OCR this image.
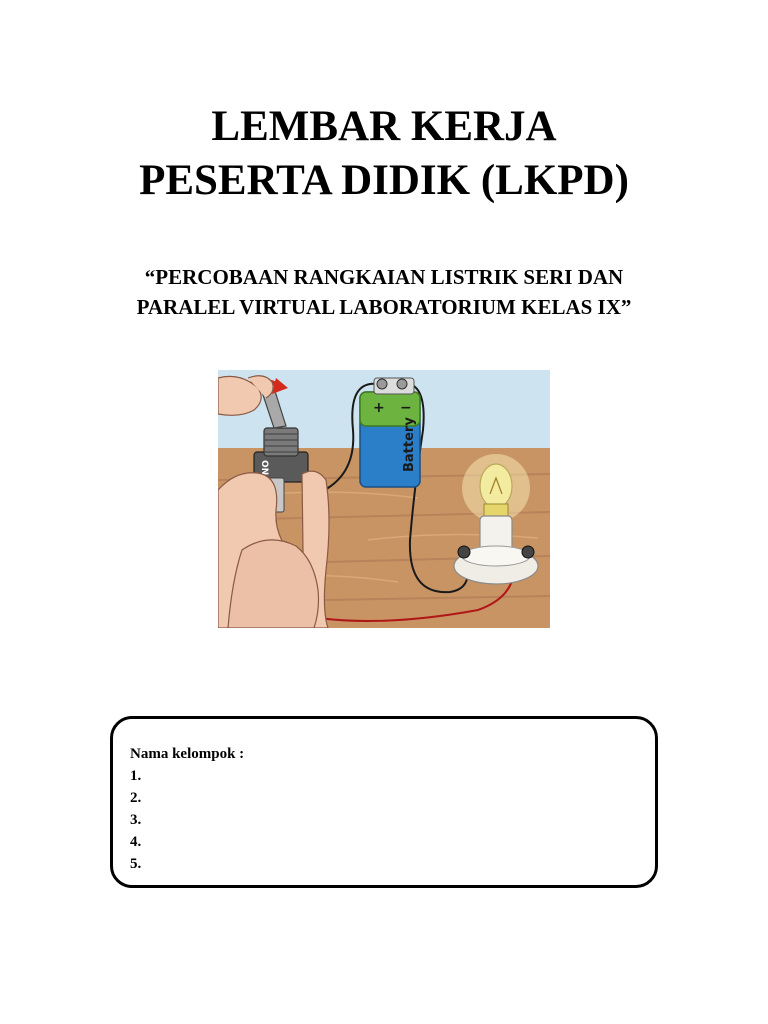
LEMBAR KERJA
PESERTA DIDIK (LKPD)
“PERCOBAAN RANGKAIAN LISTRIK SERI DAN
PARALEL VIRTUAL LABORATORIUM KELAS IX”
+ −
Battery
ON
Nama kelompok :
1.
2.
3.
4.
5.
